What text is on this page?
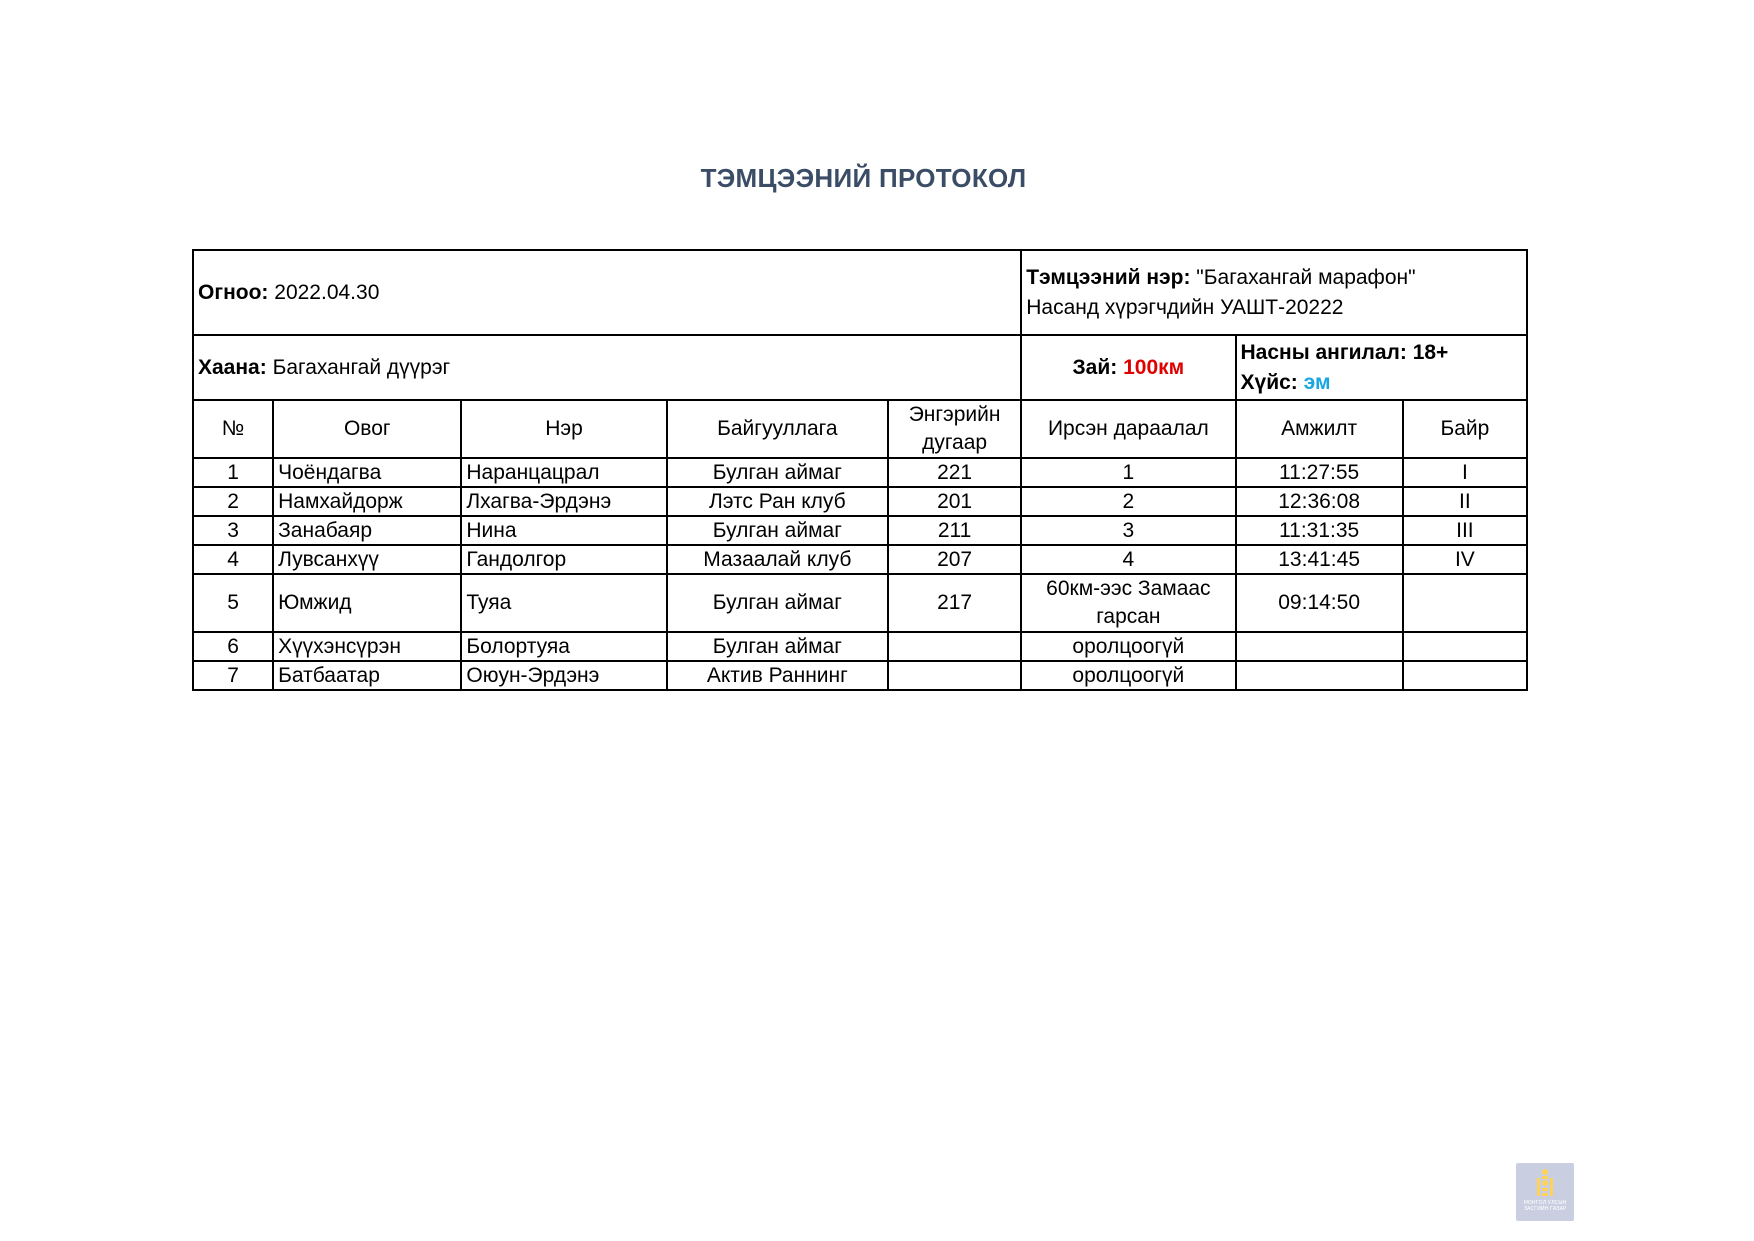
ТЭМЦЭЭНИЙ ПРОТОКОЛ
Огноо: 2022.04.30					Тэмцээний нэр: "Багахангай марафон"
Насанд хүрэгчдийн УАШТ-20222		
Хаана: Багахангай дүүрэг					Зай: 100км	Насны ангилал: 18+
Хүйс: эм	
№	Овог	Нэр	Байгууллага	Энгэрийн дугаар	Ирсэн дараалал	Амжилт	Байр
1	Чоёндагва	Наранцацрал	Булган аймаг	221	1	11:27:55	I
2	Намхайдорж	Лхагва-Эрдэнэ	Лэтс Ран клуб	201	2	12:36:08	II
3	Занабаяр	Нина	Булган аймаг	211	3	11:31:35	III
4	Лувсанхүү	Гандолгор	Мазаалай клуб	207	4	13:41:45	IV
5	Юмжид	Туяа	Булган аймаг	217	60км-ээс Замаас гарсан	09:14:50	
6	Хүүхэнсүрэн	Болортуяа	Булган аймаг		оролцоогүй		
7	Батбаатар	Оюун-Эрдэнэ	Актив Раннинг		оролцоогүй		
МОНГОЛ УЛСЫН ЗАСГИЙН ГАЗАР
